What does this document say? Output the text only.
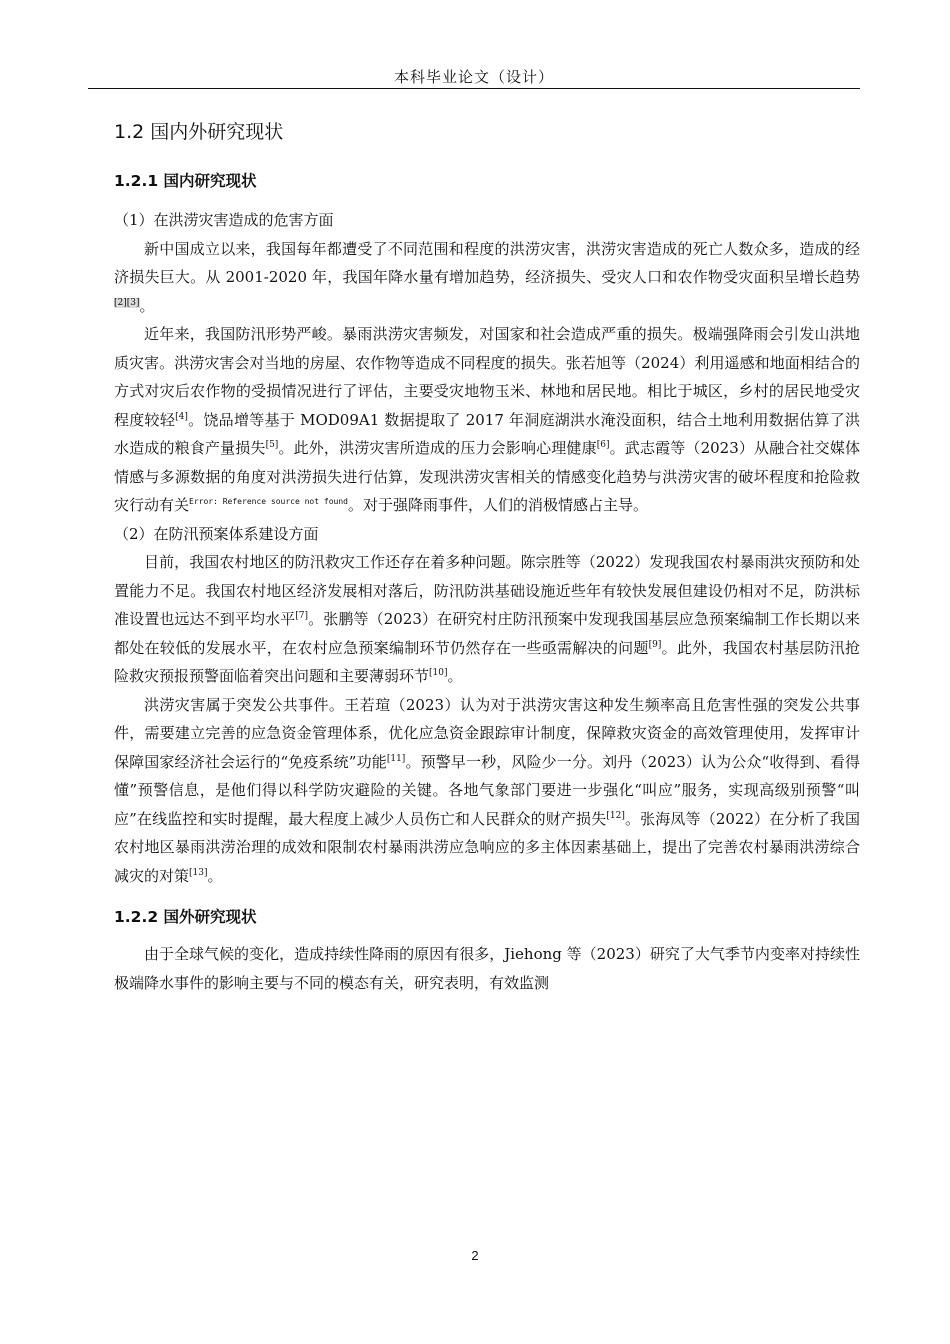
本科毕业论文（设计）
1.2 国内外研究现状
1.2.1 国内研究现状
（1）在洪涝灾害造成的危害方面

新中国成立以来，我国每年都遭受了不同范围和程度的洪涝灾害，洪涝灾害造成的死亡人数众多，造成的经济损失巨大。从 2001-2020 年，我国年降水量有增加趋势，经济损失、受灾人口和农作物受灾面积呈增长趋势[2][3]。

近年来，我国防汛形势严峻。暴雨洪涝灾害频发，对国家和社会造成严重的损失。极端强降雨会引发山洪地质灾害。洪涝灾害会对当地的房屋、农作物等造成不同程度的损失。张若旭等（2024）利用遥感和地面相结合的方式对灾后农作物的受损情况进行了评估，主要受灾地物玉米、林地和居民地。相比于城区，乡村的居民地受灾程度较轻[4]。饶品增等基于 MOD09A1 数据提取了 2017 年洞庭湖洪水淹没面积，结合土地利用数据估算了洪水造成的粮食产量损失[5]。此外，洪涝灾害所造成的压力会影响心理健康[6]。武志霞等（2023）从融合社交媒体情感与多源数据的角度对洪涝损失进行估算，发现洪涝灾害相关的情感变化趋势与洪涝灾害的破坏程度和抢险救灾行动有关$^{Error: Reference source not found}$。对于强降雨事件，人们的消极情感占主导。

（2）在防汛预案体系建设方面

目前，我国农村地区的防汛救灾工作还存在着多种问题。陈宗胜等（2022）发现我国农村暴雨洪灾预防和处置能力不足。我国农村地区经济发展相对落后，防汛防洪基础设施近些年有较快发展但建设仍相对不足，防洪标准设置也远达不到平均水平[7]。张鹏等（2023）在研究村庄防汛预案中发现我国基层应急预案编制工作长期以来都处在较低的发展水平，在农村应急预案编制环节仍然存在一些亟需解决的问题[9]。此外，我国农村基层防汛抢险救灾预报预警面临着突出问题和主要薄弱环节[10]。

洪涝灾害属于突发公共事件。王若瑄（2023）认为对于洪涝灾害这种发生频率高且危害性强的突发公共事件，需要建立完善的应急资金管理体系，优化应急资金跟踪审计制度，保障救灾资金的高效管理使用，发挥审计保障国家经济社会运行的“免疫系统”功能[11]。预警早一秒，风险少一分。刘丹（2023）认为公众“收得到、看得懂”预警信息，是他们得以科学防灾避险的关键。各地气象部门要进一步强化“叫应”服务，实现高级别预警“叫应”在线监控和实时提醒，最大程度上减少人员伤亡和人民群众的财产损失[12]。张海凤等（2022）在分析了我国农村地区暴雨洪涝治理的成效和限制农村暴雨洪涝应急响应的多主体因素基础上，提出了完善农村暴雨洪涝综合减灾的对策[13]。

1.2.2 国外研究现状

由于全球气候的变化，造成持续性降雨的原因有很多，Jiehong 等（2023）研究了大气季节内变率对持续性极端降水事件的影响主要与不同的模态有关，研究表明，有效监测

2
